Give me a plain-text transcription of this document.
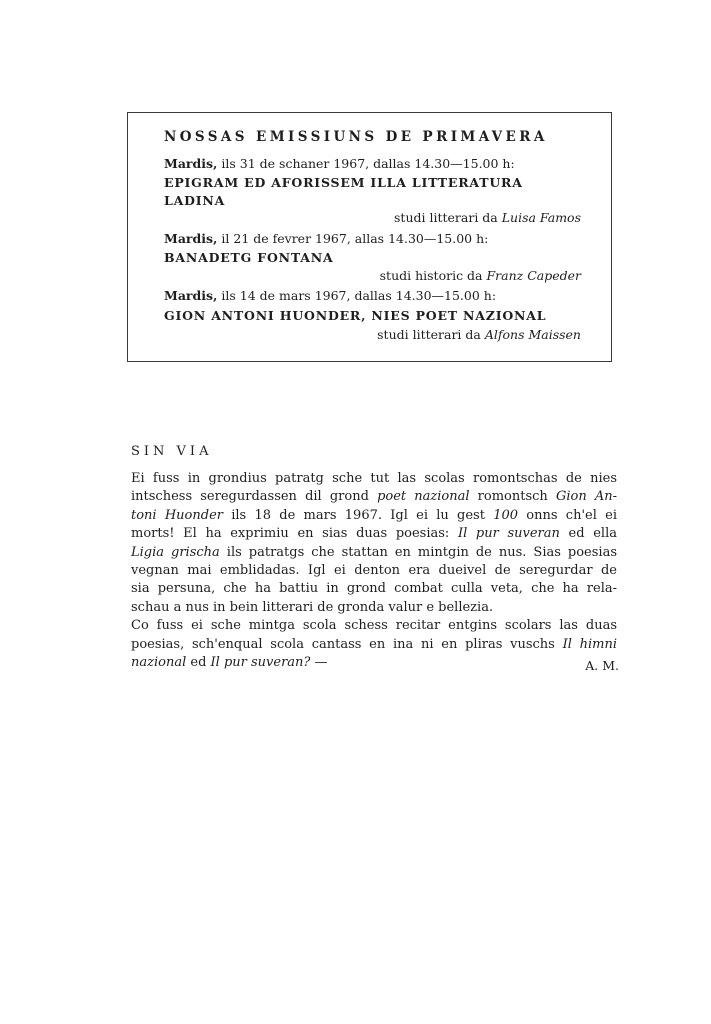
NOSSAS EMISSIUNS DE PRIMAVERA
Mardis, ils 31 de schaner 1967, dallas 14.30—15.00 h:
EPIGRAM ED AFORISSEM ILLA LITTERATURA
LADINA
studi litterari da Luisa Famos
Mardis, il 21 de fevrer 1967, allas 14.30—15.00 h:
BANADETG FONTANA
studi historic da Franz Capeder
Mardis, ils 14 de mars 1967, dallas 14.30—15.00 h:
GION ANTONI HUONDER, NIES POET NAZIONAL
studi litterari da Alfons Maissen
SIN VIA
Ei fuss in grondius patratg sche tut las scolas romontschas de nies
intschess seregurdassen dil grond poet nazional romontsch Gion An-
toni Huonder ils 18 de mars 1967. Igl ei lu gest 100 onns ch'el ei
morts! El ha exprimiu en sias duas poesias: Il pur suveran ed ella
Ligia grischa ils patratgs che stattan en mintgin de nus. Sias poesias
vegnan mai emblidadas. Igl ei denton era dueivel de seregurdar de
sia persuna, che ha battiu in grond combat culla veta, che ha rela-
schau a nus in bein litterari de gronda valur e bellezia.
Co fuss ei sche mintga scola schess recitar entgins scolars las duas
poesias, sch'enqual scola cantass en ina ni en pliras vuschs Il himni
nazional ed Il pur suveran? —	A. M.
